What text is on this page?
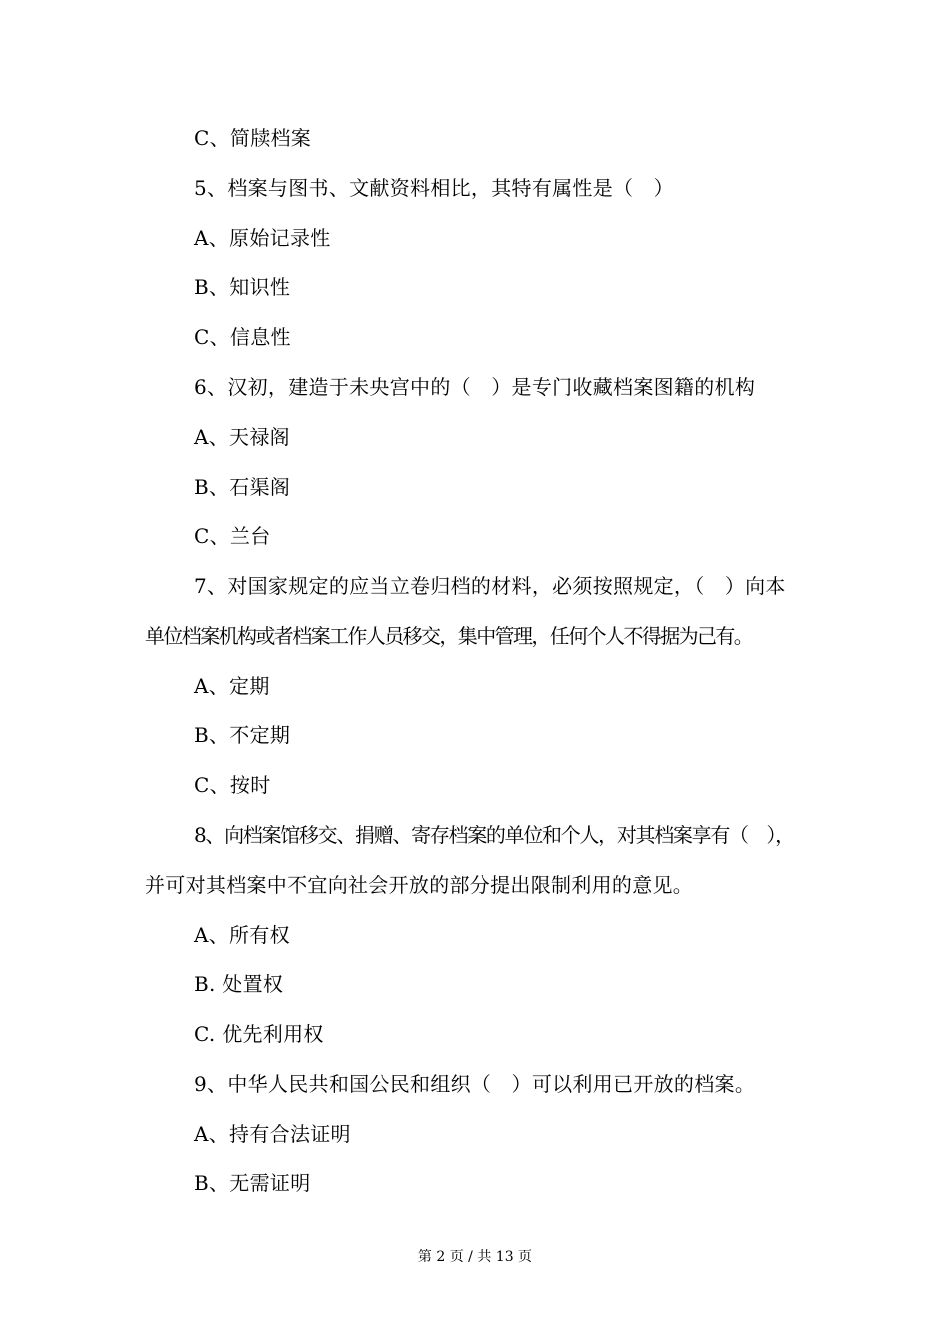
C、简牍档案
5、档案与图书、文献资料相比，其特有属性是（　）
A、原始记录性
B、知识性
C、信息性
6、汉初，建造于未央宫中的（　）是专门收藏档案图籍的机构
A、天禄阁
B、石渠阁
C、兰台
7、对国家规定的应当立卷归档的材料，必须按照规定，（　）向本
单位档案机构或者档案工作人员移交，集中管理，任何个人不得据为己有。
A、定期
B、不定期
C、按时
8、向档案馆移交、捐赠、寄存档案的单位和个人，对其档案享有（　），
并可对其档案中不宜向社会开放的部分提出限制利用的意见。
A、所有权
B. 处置权
C. 优先利用权
9、中华人民共和国公民和组织（　）可以利用已开放的档案。
A、持有合法证明
B、无需证明
第 2 页 / 共 13 页
